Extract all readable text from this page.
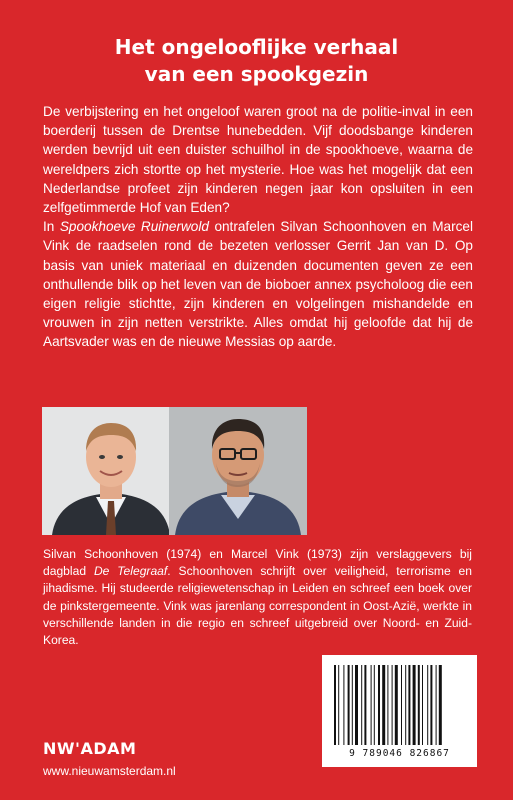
Het ongelooflijke verhaal
van een spookgezin

De verbijstering en het ongeloof waren groot na de politie-inval in een boerderij tussen de Drentse hunebedden. Vijf doodsbange kinderen werden bevrijd uit een duister schuilhol in de spookhoeve, waarna de wereldpers zich stortte op het mysterie. Hoe was het mogelijk dat een Nederlandse profeet zijn kinderen negen jaar kon opsluiten in een zelfgetimmerde Hof van Eden?

In Spookhoeve Ruinerwold ontrafelen Silvan Schoonhoven en Marcel Vink de raadselen rond de bezeten verlosser Gerrit Jan van D. Op basis van uniek materiaal en duizenden documenten geven ze een onthullende blik op het leven van de bioboer annex psycholoog die een eigen religie stichtte, zijn kinderen en volgelingen mishandelde en vrouwen in zijn netten verstrikte. Alles omdat hij geloofde dat hij de Aartsvader was en de nieuwe Messias op aarde.

Silvan Schoonhoven (1974) en Marcel Vink (1973) zijn verslaggevers bij dagblad De Telegraaf. Schoonhoven schrijft over veiligheid, terrorisme en jihadisme. Hij studeerde religiewetenschap in Leiden en schreef een boek over de pinkstergemeente. Vink was jarenlang correspondent in Oost-Azië, werkte in verschillende landen in die regio en schreef uitgebreid over Noord- en Zuid-Korea.
9 789046 826867
NW'ADAM
www.nieuwamsterdam.nl
